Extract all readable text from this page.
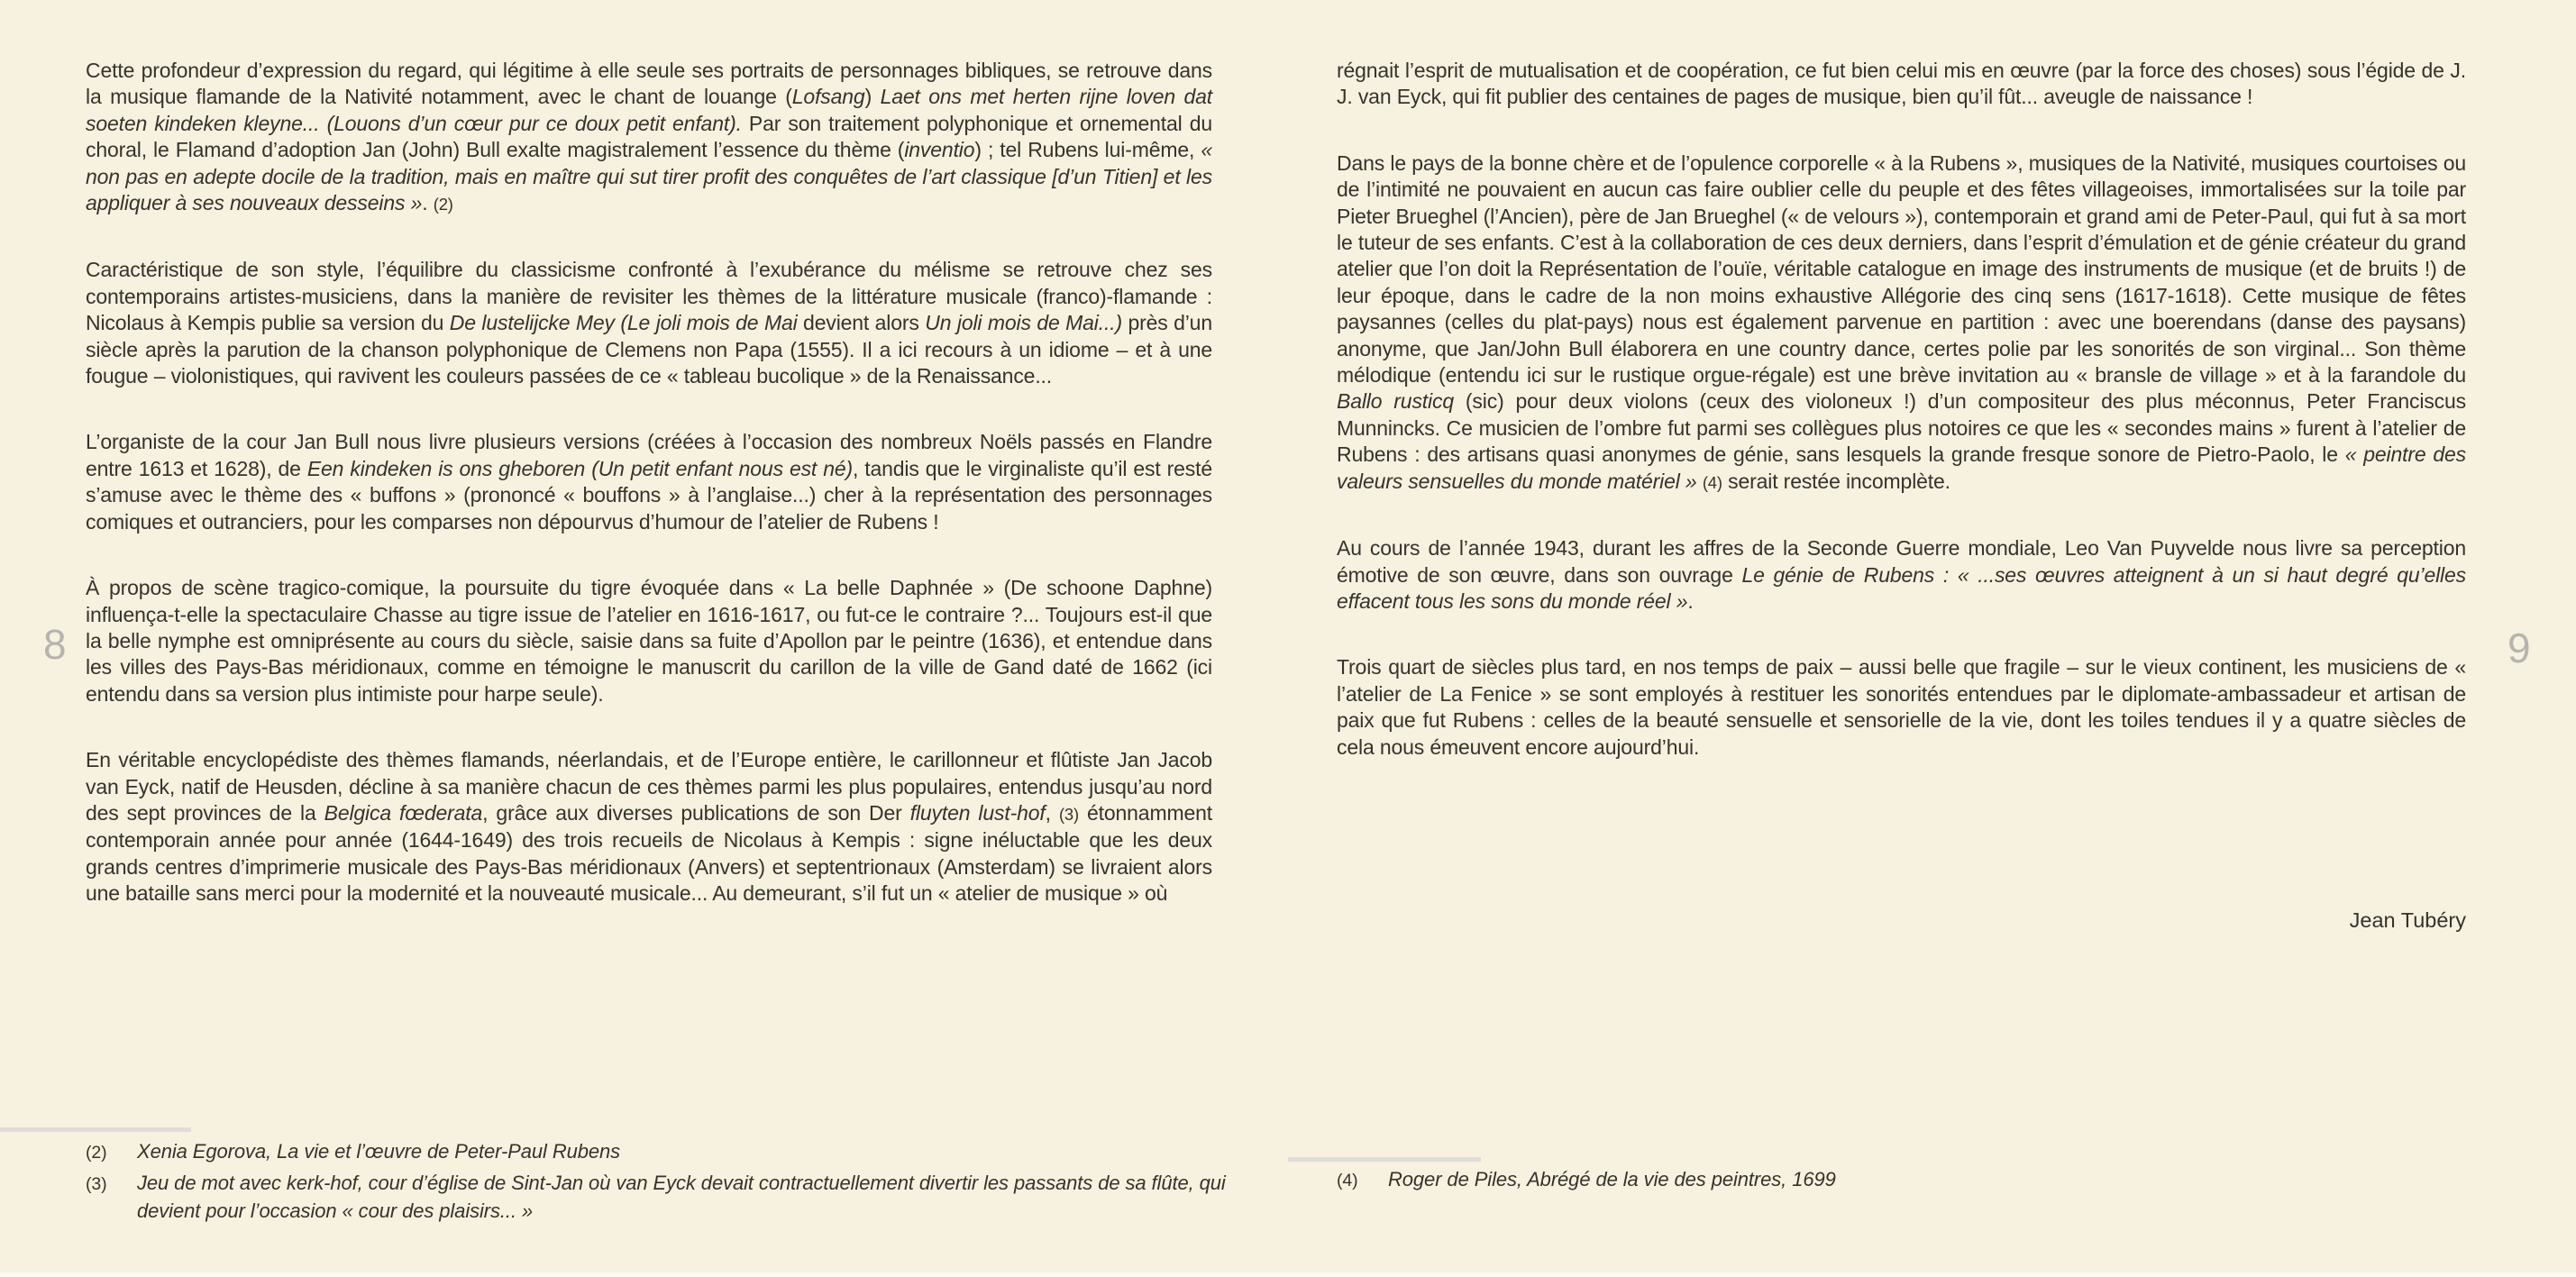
8

Cette profondeur d’expression du regard, qui légitime à elle seule ses portraits de personnages bibliques, se retrouve dans la musique flamande de la Nativité notamment, avec le chant de louange (Lofsang) Laet ons met herten rijne loven dat soeten kindeken kleyne... (Louons d’un cœur pur ce doux petit enfant). Par son traitement polyphonique et ornemental du choral, le Flamand d’adoption Jan (John) Bull exalte magistralement l’essence du thème (inventio) ; tel Rubens lui-même, « non pas en adepte docile de la tradition, mais en maître qui sut tirer profit des conquêtes de l’art classique [d’un Titien] et les appliquer à ses nouveaux desseins ». (2)

Caractéristique de son style, l’équilibre du classicisme confronté à l’exubérance du mélisme se retrouve chez ses contemporains artistes-musiciens, dans la manière de revisiter les thèmes de la littérature musicale (franco)-flamande : Nicolaus à Kempis publie sa version du De lustelijcke Mey (Le joli mois de Mai devient alors Un joli mois de Mai...) près d’un siècle après la parution de la chanson polyphonique de Clemens non Papa (1555). Il a ici recours à un idiome – et à une fougue – violonistiques, qui ravivent les couleurs passées de ce « tableau bucolique » de la Renaissance...

L’organiste de la cour Jan Bull nous livre plusieurs versions (créées à l’occasion des nombreux Noëls passés en Flandre entre 1613 et 1628), de Een kindeken is ons gheboren (Un petit enfant nous est né), tandis que le virginaliste qu’il est resté s’amuse avec le thème des « buffons » (prononcé « bouffons » à l’anglaise...) cher à la représentation des personnages comiques et outranciers, pour les comparses non dépourvus d’humour de l’atelier de Rubens !

À propos de scène tragico-comique, la poursuite du tigre évoquée dans « La belle Daphnée » (De schoone Daphne) influença-t-elle la spectaculaire Chasse au tigre issue de l’atelier en 1616-1617, ou fut-ce le contraire ?... Toujours est-il que la belle nymphe est omniprésente au cours du siècle, saisie dans sa fuite d’Apollon par le peintre (1636), et entendue dans les villes des Pays-Bas méridionaux, comme en témoigne le manuscrit du carillon de la ville de Gand daté de 1662 (ici entendu dans sa version plus intimiste pour harpe seule).

En véritable encyclopédiste des thèmes flamands, néerlandais, et de l’Europe entière, le carillonneur et flûtiste Jan Jacob van Eyck, natif de Heusden, décline à sa manière chacun de ces thèmes parmi les plus populaires, entendus jusqu’au nord des sept provinces de la Belgica fœderata, grâce aux diverses publications de son Der fluyten lust-hof, (3) étonnamment contemporain année pour année (1644-1649) des trois recueils de Nicolaus à Kempis : signe inéluctable que les deux grands centres d’imprimerie musicale des Pays-Bas méridionaux (Anvers) et septentrionaux (Amsterdam) se livraient alors une bataille sans merci pour la modernité et la nouveauté musicale... Au demeurant, s’il fut un « atelier de musique » où

(2)	Xenia Egorova, La vie et l’œuvre de Peter-Paul Rubens
(3)	Jeu de mot avec kerk-hof, cour d’église de Sint-Jan où van Eyck devait contractuellement divertir les passants de sa flûte, qui devient pour l’occasion « cour des plaisirs... »
9

régnait l’esprit de mutualisation et de coopération, ce fut bien celui mis en œuvre (par la force des choses) sous l’égide de J. J. van Eyck, qui fit publier des centaines de pages de musique, bien qu’il fût... aveugle de naissance !

Dans le pays de la bonne chère et de l’opulence corporelle « à la Rubens », musiques de la Nativité, musiques courtoises ou de l’intimité ne pouvaient en aucun cas faire oublier celle du peuple et des fêtes villageoises, immortalisées sur la toile par Pieter Brueghel (l’Ancien), père de Jan Brueghel (« de velours »), contemporain et grand ami de Peter-Paul, qui fut à sa mort le tuteur de ses enfants. C’est à la collaboration de ces deux derniers, dans l’esprit d’émulation et de génie créateur du grand atelier que l’on doit la Représentation de l’ouïe, véritable catalogue en image des instruments de musique (et de bruits !) de leur époque, dans le cadre de la non moins exhaustive Allégorie des cinq sens (1617-1618). Cette musique de fêtes paysannes (celles du plat-pays) nous est également parvenue en partition : avec une boerendans (danse des paysans) anonyme, que Jan/John Bull élaborera en une country dance, certes polie par les sonorités de son virginal... Son thème mélodique (entendu ici sur le rustique orgue-régale) est une brève invitation au « bransle de village » et à la farandole du Ballo rusticq (sic) pour deux violons (ceux des violoneux !) d’un compositeur des plus méconnus, Peter Franciscus Munnincks. Ce musicien de l’ombre fut parmi ses collègues plus notoires ce que les « secondes mains » furent à l’atelier de Rubens : des artisans quasi anonymes de génie, sans lesquels la grande fresque sonore de Pietro-Paolo, le « peintre des valeurs sensuelles du monde matériel » (4) serait restée incomplète.

Au cours de l’année 1943, durant les affres de la Seconde Guerre mondiale, Leo Van Puyvelde nous livre sa perception émotive de son œuvre, dans son ouvrage Le génie de Rubens : « ...ses œuvres atteignent à un si haut degré qu’elles effacent tous les sons du monde réel ».

Trois quart de siècles plus tard, en nos temps de paix – aussi belle que fragile – sur le vieux continent, les musiciens de « l’atelier de La Fenice » se sont employés à restituer les sonorités entendues par le diplomate-ambassadeur et artisan de paix que fut Rubens : celles de la beauté sensuelle et sensorielle de la vie, dont les toiles tendues il y a quatre siècles de cela nous émeuvent encore aujourd’hui.

Jean Tubéry
(4)	Roger de Piles, Abrégé de la vie des peintres, 1699
